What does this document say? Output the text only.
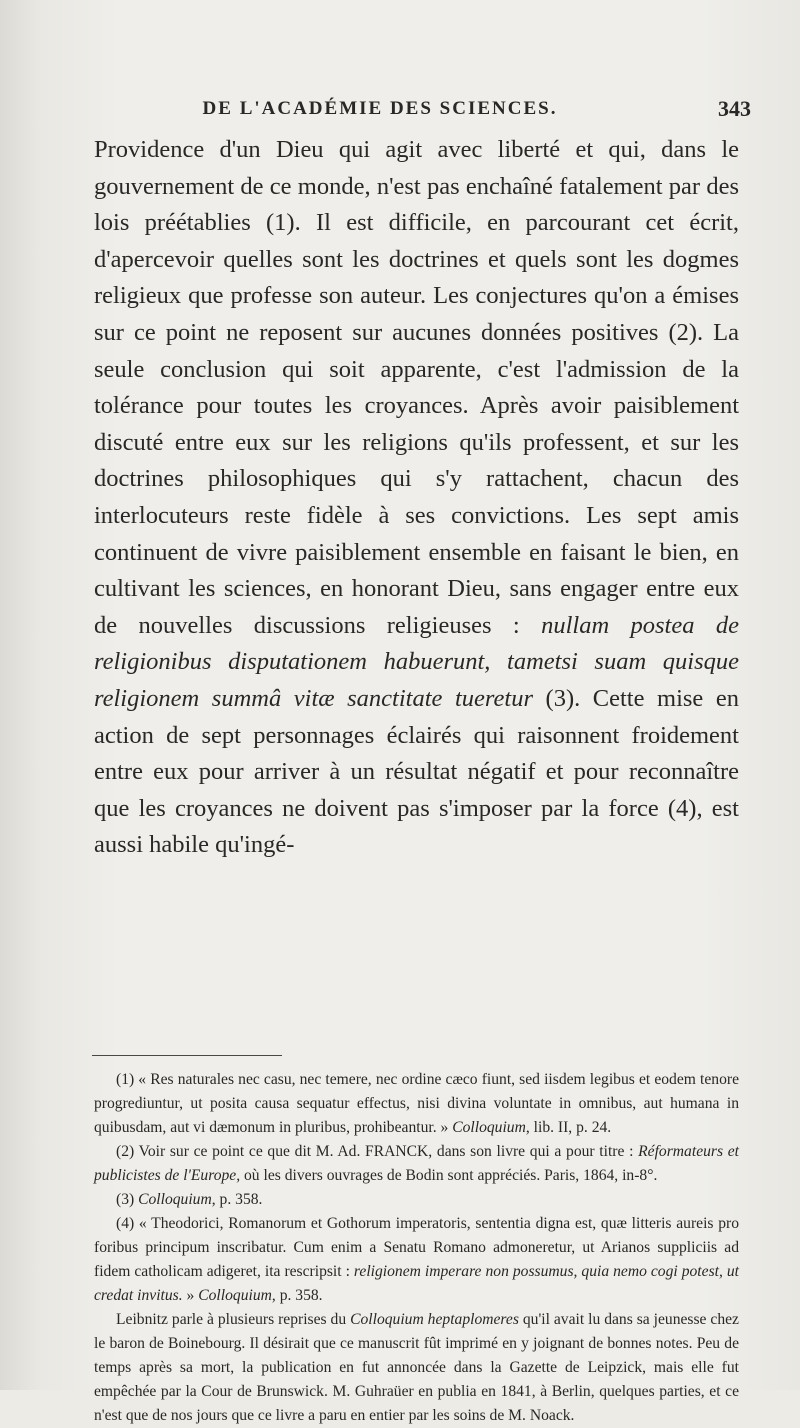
DE L'ACADÉMIE DES SCIENCES.	343

Providence d'un Dieu qui agit avec liberté et qui, dans le gouvernement de ce monde, n'est pas enchaîné fatalement par des lois préétablies (1). Il est difficile, en parcourant cet écrit, d'apercevoir quelles sont les doctrines et quels sont les dogmes religieux que professe son auteur. Les conjectures qu'on a émises sur ce point ne reposent sur aucunes données positives (2). La seule conclusion qui soit apparente, c'est l'admission de la tolérance pour toutes les croyances. Après avoir paisiblement discuté entre eux sur les religions qu'ils professent, et sur les doctrines philosophiques qui s'y rattachent, chacun des interlocuteurs reste fidèle à ses convictions. Les sept amis continuent de vivre paisiblement ensemble en faisant le bien, en cultivant les sciences, en honorant Dieu, sans engager entre eux de nouvelles discussions religieuses : nullam postea de religionibus disputationem habuerunt, tametsi suam quisque religionem summâ vitæ sanctitate tueretur (3). Cette mise en action de sept personnages éclairés qui raisonnent froidement entre eux pour arriver à un résultat négatif et pour reconnaître que les croyances ne doivent pas s'imposer par la force (4), est aussi habile qu'ingé-

(1) « Res naturales nec casu, nec temere, nec ordine cæco fiunt, sed iisdem legibus et eodem tenore progrediuntur, ut posita causa sequatur effectus, nisi divina voluntate in omnibus, aut humana in quibusdam, aut vi dæmonum in pluribus, prohibeantur. » Colloquium, lib. II, p. 24.

(2) Voir sur ce point ce que dit M. Ad. FRANCK, dans son livre qui a pour titre : Réformateurs et publicistes de l'Europe, où les divers ouvrages de Bodin sont appréciés. Paris, 1864, in-8°.

(3) Colloquium, p. 358.

(4) « Theodorici, Romanorum et Gothorum imperatoris, sententia digna est, quæ litteris aureis pro foribus principum inscribatur. Cum enim a Senatu Romano admoneretur, ut Arianos suppliciis ad fidem catholicam adigeret, ita rescripsit : religionem imperare non possumus, quia nemo cogi potest, ut credat invitus. » Colloquium, p. 358.

Leibnitz parle à plusieurs reprises du Colloquium heptaplomeres qu'il avait lu dans sa jeunesse chez le baron de Boinebourg. Il désirait que ce manuscrit fût imprimé en y joignant de bonnes notes. Peu de temps après sa mort, la publication en fut annoncée dans la Gazette de Leipzick, mais elle fut empêchée par la Cour de Brunswick. M. Guhraüer en publia en 1841, à Berlin, quelques parties, et ce n'est que de nos jours que ce livre a paru en entier par les soins de M. Noack.
